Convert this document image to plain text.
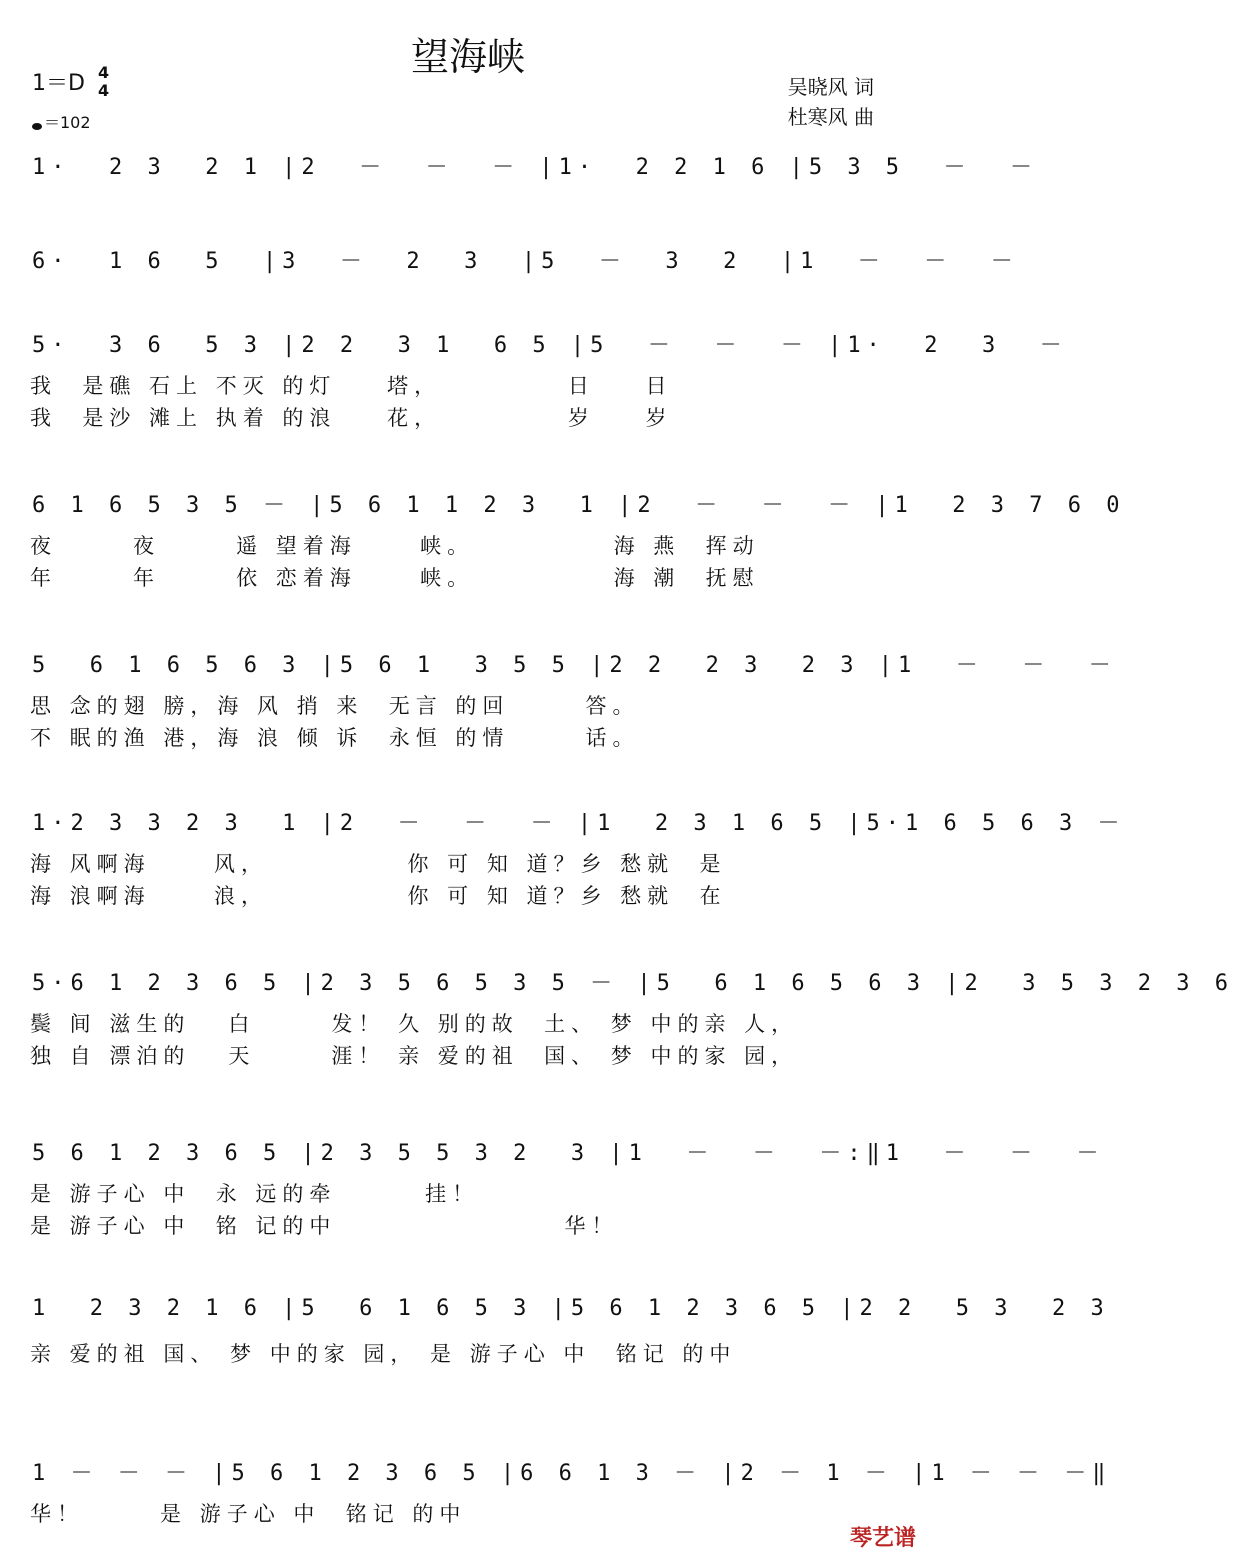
望海峡
1＝D 4
4
＝102
吴晓风 词
杜寒风 曲
1·  2 3  2 1 |2  －  －  － |1·  2 2 1 6 |5 3 5  －  －
6·  1 6  5  |3  －  2  3  |5  －  3  2  |1  －  －  －
5·  3 6  5 3 |2 2  3 1  6 5 |5  －  －  － |1·  2  3  －
我  是礁 石上 不灭 的灯    塔，          日    日
我  是沙 滩上 执着 的浪    花，          岁    岁
6 1 6 5 3 5 － |5 6 1 1 2 3  1 |2  －  －  － |1  2 3 7 6 0
夜      夜      遥 望着海     峡。           海 燕  挥动
年      年      依 恋着海     峡。           海 潮  抚慰
5  6 1 6 5 6 3 |5 6 1  3 5 5 |2 2  2 3  2 3 |1  －  －  －
思 念的翅 膀，海 风 捎 来  无言 的回      答。
不 眠的渔 港，海 浪 倾 诉  永恒 的情      话。
1·2 3 3 2 3  1 |2  －  －  － |1  2 3 1 6 5 |5·1 6 5 6 3 －
海 风啊海     风，           你 可 知 道？乡 愁就  是
海 浪啊海     浪，           你 可 知 道？乡 愁就  在
5·6 1 2 3 6 5 |2 3 5 6 5 3 5 － |5  6 1 6 5 6 3 |2  3 5 3 2 3 6
鬓 间 滋生的   白      发！ 久 别的故  土、 梦 中的亲 人，
独 自 漂泊的   天      涯！ 亲 爱的祖  国、 梦 中的家 园，
5 6 1 2 3 6 5 |2 3 5 5 3 2  3 |1  －  －  －:‖1  －  －  －
是 游子心 中  永 远的牵       挂！
是 游子心 中  铭 记的中                  华！
1  2 3 2 1 6 |5  6 1 6 5 3 |5 6 1 2 3 6 5 |2 2  5 3  2 3
亲 爱的祖 国、 梦 中的家 园， 是 游子心 中  铭记 的中
1 － － － |5 6 1 2 3 6 5 |6 6 1 3 － |2 － 1 － |1 － － －‖
华！      是 游子心 中  铭记 的中
琴艺谱
